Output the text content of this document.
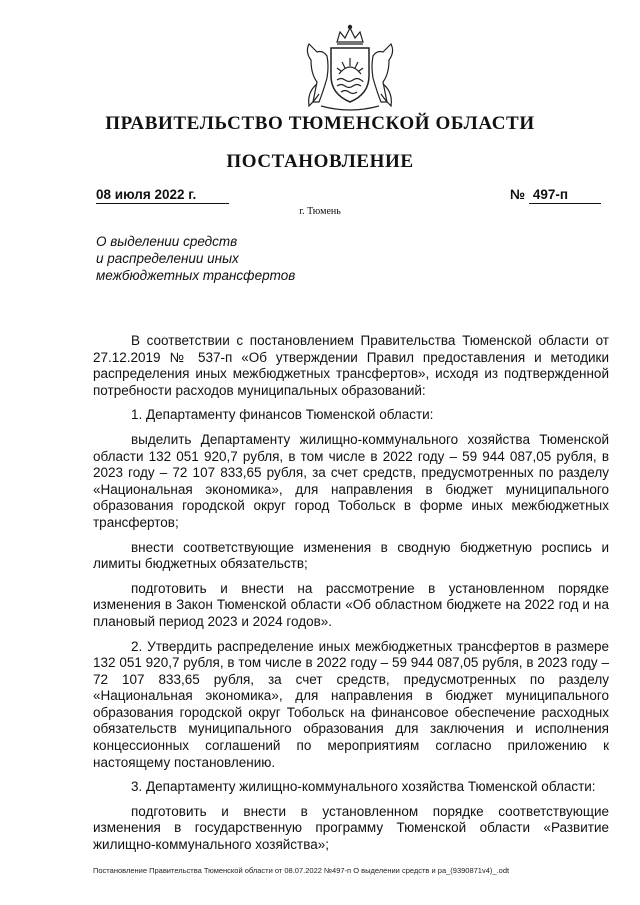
ПРАВИТЕЛЬСТВО ТЮМЕНСКОЙ ОБЛАСТИ
ПОСТАНОВЛЕНИЕ
08 июля 2022 г.	№ 497-п
г. Тюмень
О выделении средств
и распределении иных
межбюджетных трансфертов

В соответствии с постановлением Правительства Тюменской области от 27.12.2019 № 537-п «Об утверждении Правил предоставления и методики распределения иных межбюджетных трансфертов», исходя из подтвержденной потребности расходов муниципальных образований:

1. Департаменту финансов Тюменской области:

выделить Департаменту жилищно-коммунального хозяйства Тюменской области 132 051 920,7 рубля, в том числе в 2022 году – 59 944 087,05 рубля, в 2023 году – 72 107 833,65 рубля, за счет средств, предусмотренных по разделу «Национальная экономика», для направления в бюджет муниципального образования городской округ город Тобольск в форме иных межбюджетных трансфертов;

внести соответствующие изменения в сводную бюджетную роспись и лимиты бюджетных обязательств;

подготовить и внести на рассмотрение в установленном порядке изменения в Закон Тюменской области «Об областном бюджете на 2022 год и на плановый период 2023 и 2024 годов».

2. Утвердить распределение иных межбюджетных трансфертов в размере 132 051 920,7 рубля, в том числе в 2022 году – 59 944 087,05 рубля, в 2023 году – 72 107 833,65 рубля, за счет средств, предусмотренных по разделу «Национальная экономика», для направления в бюджет муниципального образования городской округ Тобольск на финансовое обеспечение расходных обязательств муниципального образования для заключения и исполнения концессионных соглашений по мероприятиям согласно приложению к настоящему постановлению.

3. Департаменту жилищно-коммунального хозяйства Тюменской области:

подготовить и внести в установленном порядке соответствующие изменения в государственную программу Тюменской области «Развитие жилищно-коммунального хозяйства»;

Постановление Правительства Тюменской области от 08.07.2022 №497-п О выделении средств и ра_(9390871v4)_.odt
